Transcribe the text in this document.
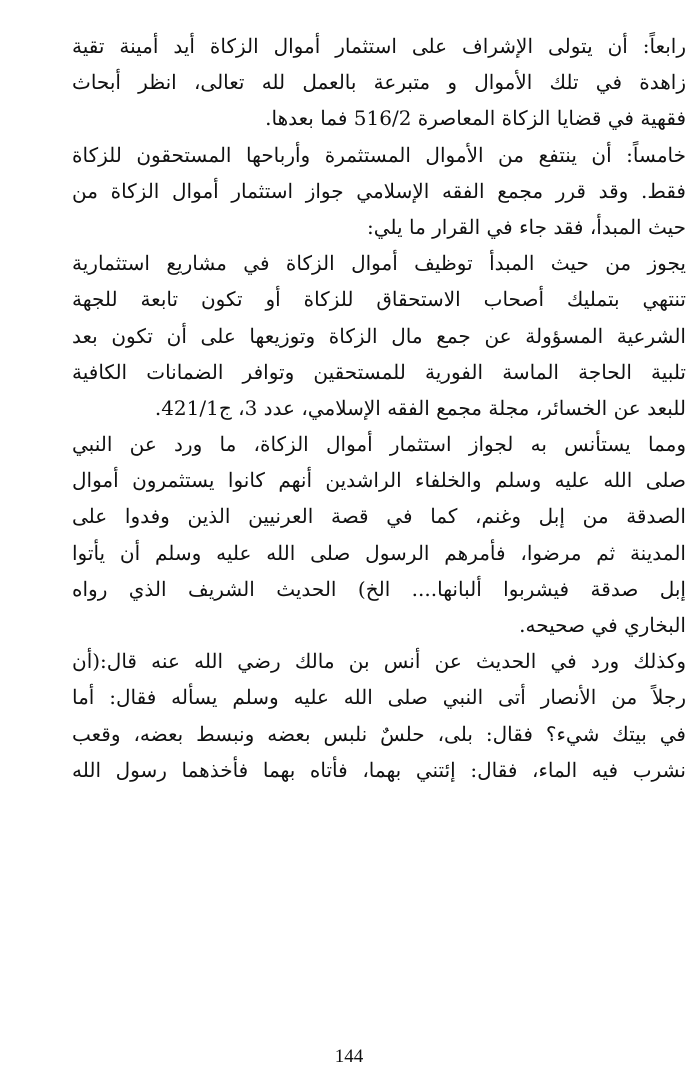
رابعاً: أن يتولى الإشراف على استثمار أموال الزكاة أيد أمينة تقية
زاهدة في تلك الأموال و متبرعة بالعمل لله تعالى، انظر أبحاث
فقهية في قضايا الزكاة المعاصرة 516/2 فما بعدها.
خامساً: أن ينتفع من الأموال المستثمرة وأرباحها المستحقون للزكاة
فقط. وقد قرر مجمع الفقه الإسلامي جواز استثمار أموال الزكاة من
حيث المبدأ، فقد جاء في القرار ما يلي:
يجوز من حيث المبدأ توظيف أموال الزكاة في مشاريع استثمارية
تنتهي بتمليك أصحاب الاستحقاق للزكاة أو تكون تابعة للجهة
الشرعية المسؤولة عن جمع مال الزكاة وتوزيعها على أن تكون بعد
تلبية الحاجة الماسة الفورية للمستحقين وتوافر الضمانات الكافية
للبعد عن الخسائر، مجلة مجمع الفقه الإسلامي، عدد 3، ج421/1.
ومما يستأنس به لجواز استثمار أموال الزكاة، ما ورد عن النبي
صلى الله عليه وسلم والخلفاء الراشدين أنهم كانوا يستثمرون أموال
الصدقة من إبل وغنم، كما في قصة العرنيين الذين وفدوا على
المدينة ثم مرضوا، فأمرهم الرسول صلى الله عليه وسلم أن يأتوا
إبل صدقة فيشربوا ألبانها.... الخ) الحديث الشريف الذي رواه
البخاري في صحيحه.
وكذلك ورد في الحديث عن أنس بن مالك رضي الله عنه قال:(أن
رجلاً من الأنصار أتى النبي صلى الله عليه وسلم يسأله فقال: أما
في بيتك شيء؟ فقال: بلى، حلسٌ نلبس بعضه ونبسط بعضه، وقعب
نشرب فيه الماء، فقال: إئتني بهما، فأتاه بهما فأخذهما رسول الله
144
